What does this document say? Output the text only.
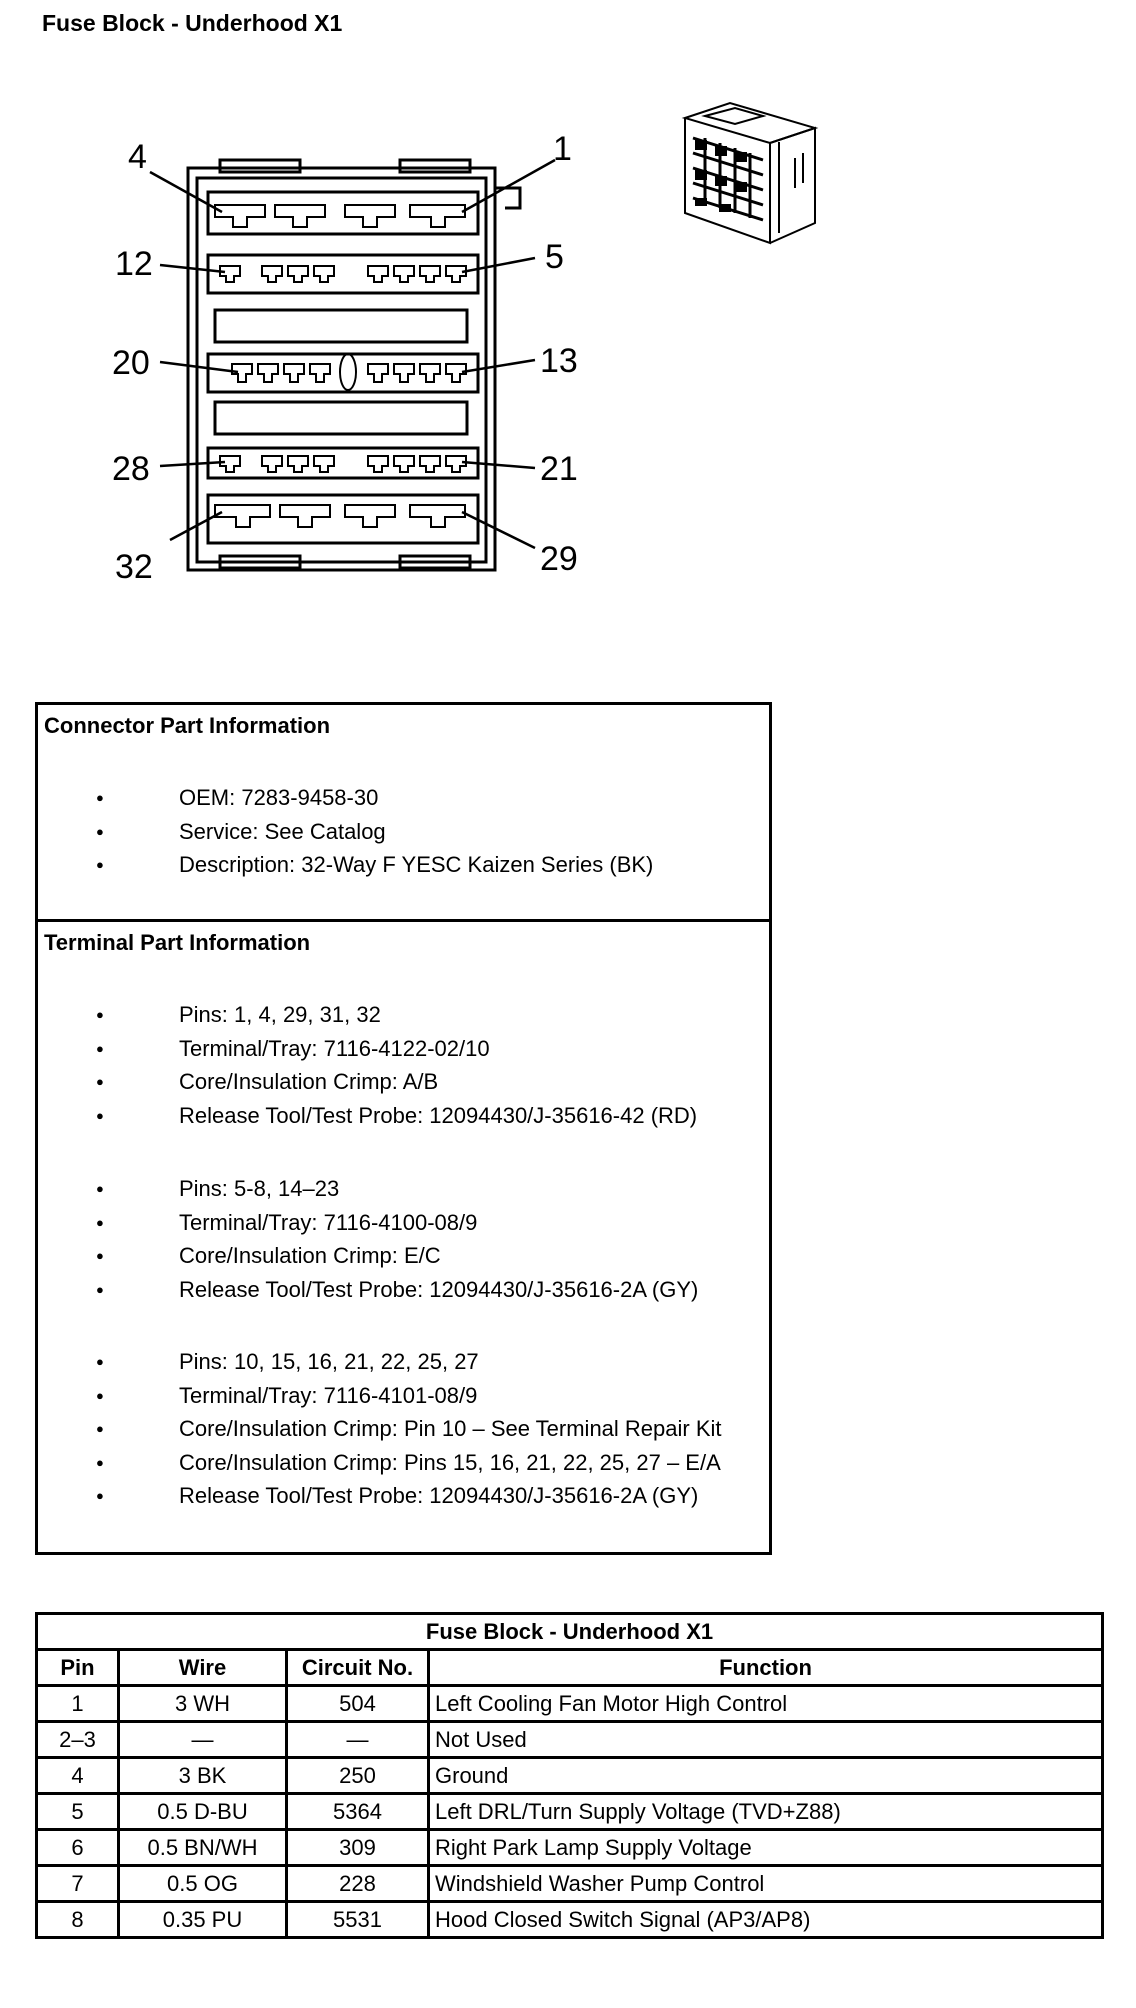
Fuse Block - Underhood X1
4	1
12	5
20	13
28	21
32	29
Connector Part Information
● OEM: 7283-9458-30
● Service: See Catalog
● Description: 32-Way F YESC Kaizen Series (BK)
Terminal Part Information
● Pins: 1, 4, 29, 31, 32
● Terminal/Tray: 7116-4122-02/10
● Core/Insulation Crimp: A/B
● Release Tool/Test Probe: 12094430/J-35616-42 (RD)
● Pins: 5-8, 14–23
● Terminal/Tray: 7116-4100-08/9
● Core/Insulation Crimp: E/C
● Release Tool/Test Probe: 12094430/J-35616-2A (GY)
● Pins: 10, 15, 16, 21, 22, 25, 27
● Terminal/Tray: 7116-4101-08/9
● Core/Insulation Crimp: Pin 10 – See Terminal Repair Kit
● Core/Insulation Crimp: Pins 15, 16, 21, 22, 25, 27 – E/A
● Release Tool/Test Probe: 12094430/J-35616-2A (GY)
Fuse Block - Underhood X1			
Pin	Wire	Circuit No.	Function
1	3 WH	504	Left Cooling Fan Motor High Control
2–3	—	—	Not Used
4	3 BK	250	Ground
5	0.5 D-BU	5364	Left DRL/Turn Supply Voltage (TVD+Z88)
6	0.5 BN/WH	309	Right Park Lamp Supply Voltage
7	0.5 OG	228	Windshield Washer Pump Control
8	0.35 PU	5531	Hood Closed Switch Signal (AP3/AP8)
